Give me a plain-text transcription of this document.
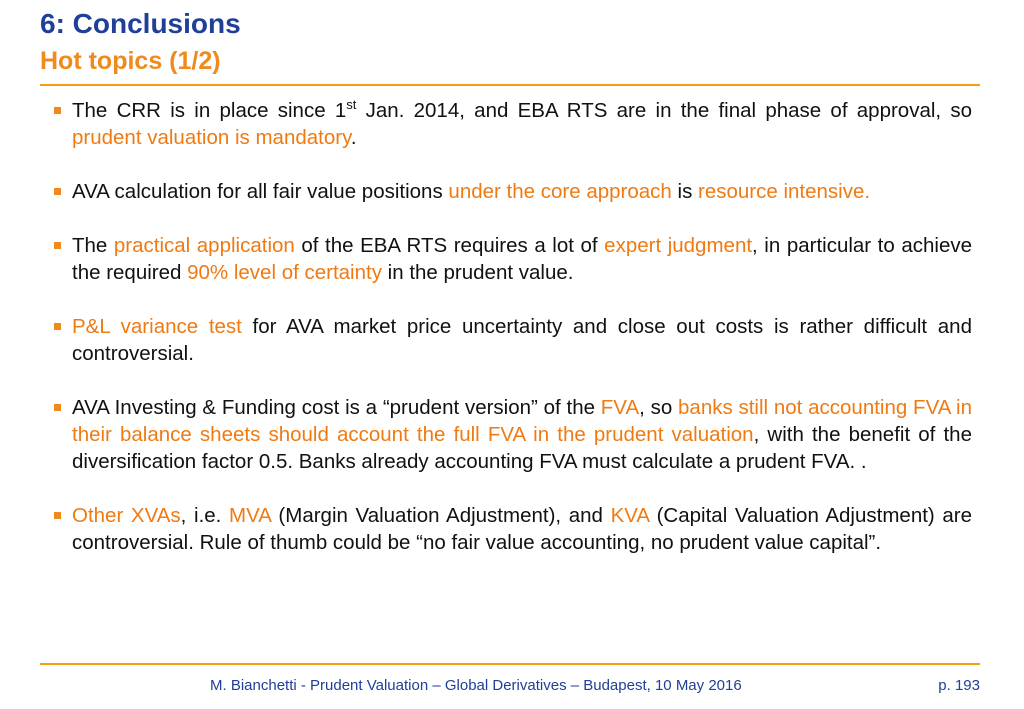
6: Conclusions
Hot topics (1/2)
The CRR is in place since 1st Jan. 2014, and EBA RTS are in the final phase of approval, so prudent valuation is mandatory.
AVA calculation for all fair value positions under the core approach is resource intensive.
The practical application of the EBA RTS requires a lot of expert judgment, in particular to achieve the required 90% level of certainty in the prudent value.
P&L variance test for AVA market price uncertainty and close out costs is rather difficult and controversial.
AVA Investing & Funding cost is a “prudent version” of the FVA, so banks still not accounting FVA in their balance sheets should account the full FVA in the prudent valuation, with the benefit of the diversification factor 0.5. Banks already accounting FVA must calculate a prudent FVA. .
Other XVAs, i.e. MVA (Margin Valuation Adjustment), and KVA (Capital Valuation Adjustment) are controversial. Rule of thumb could be “no fair value accounting, no prudent value capital”.
M. Bianchetti - Prudent Valuation – Global Derivatives – Budapest, 10 May 2016	p. 193
